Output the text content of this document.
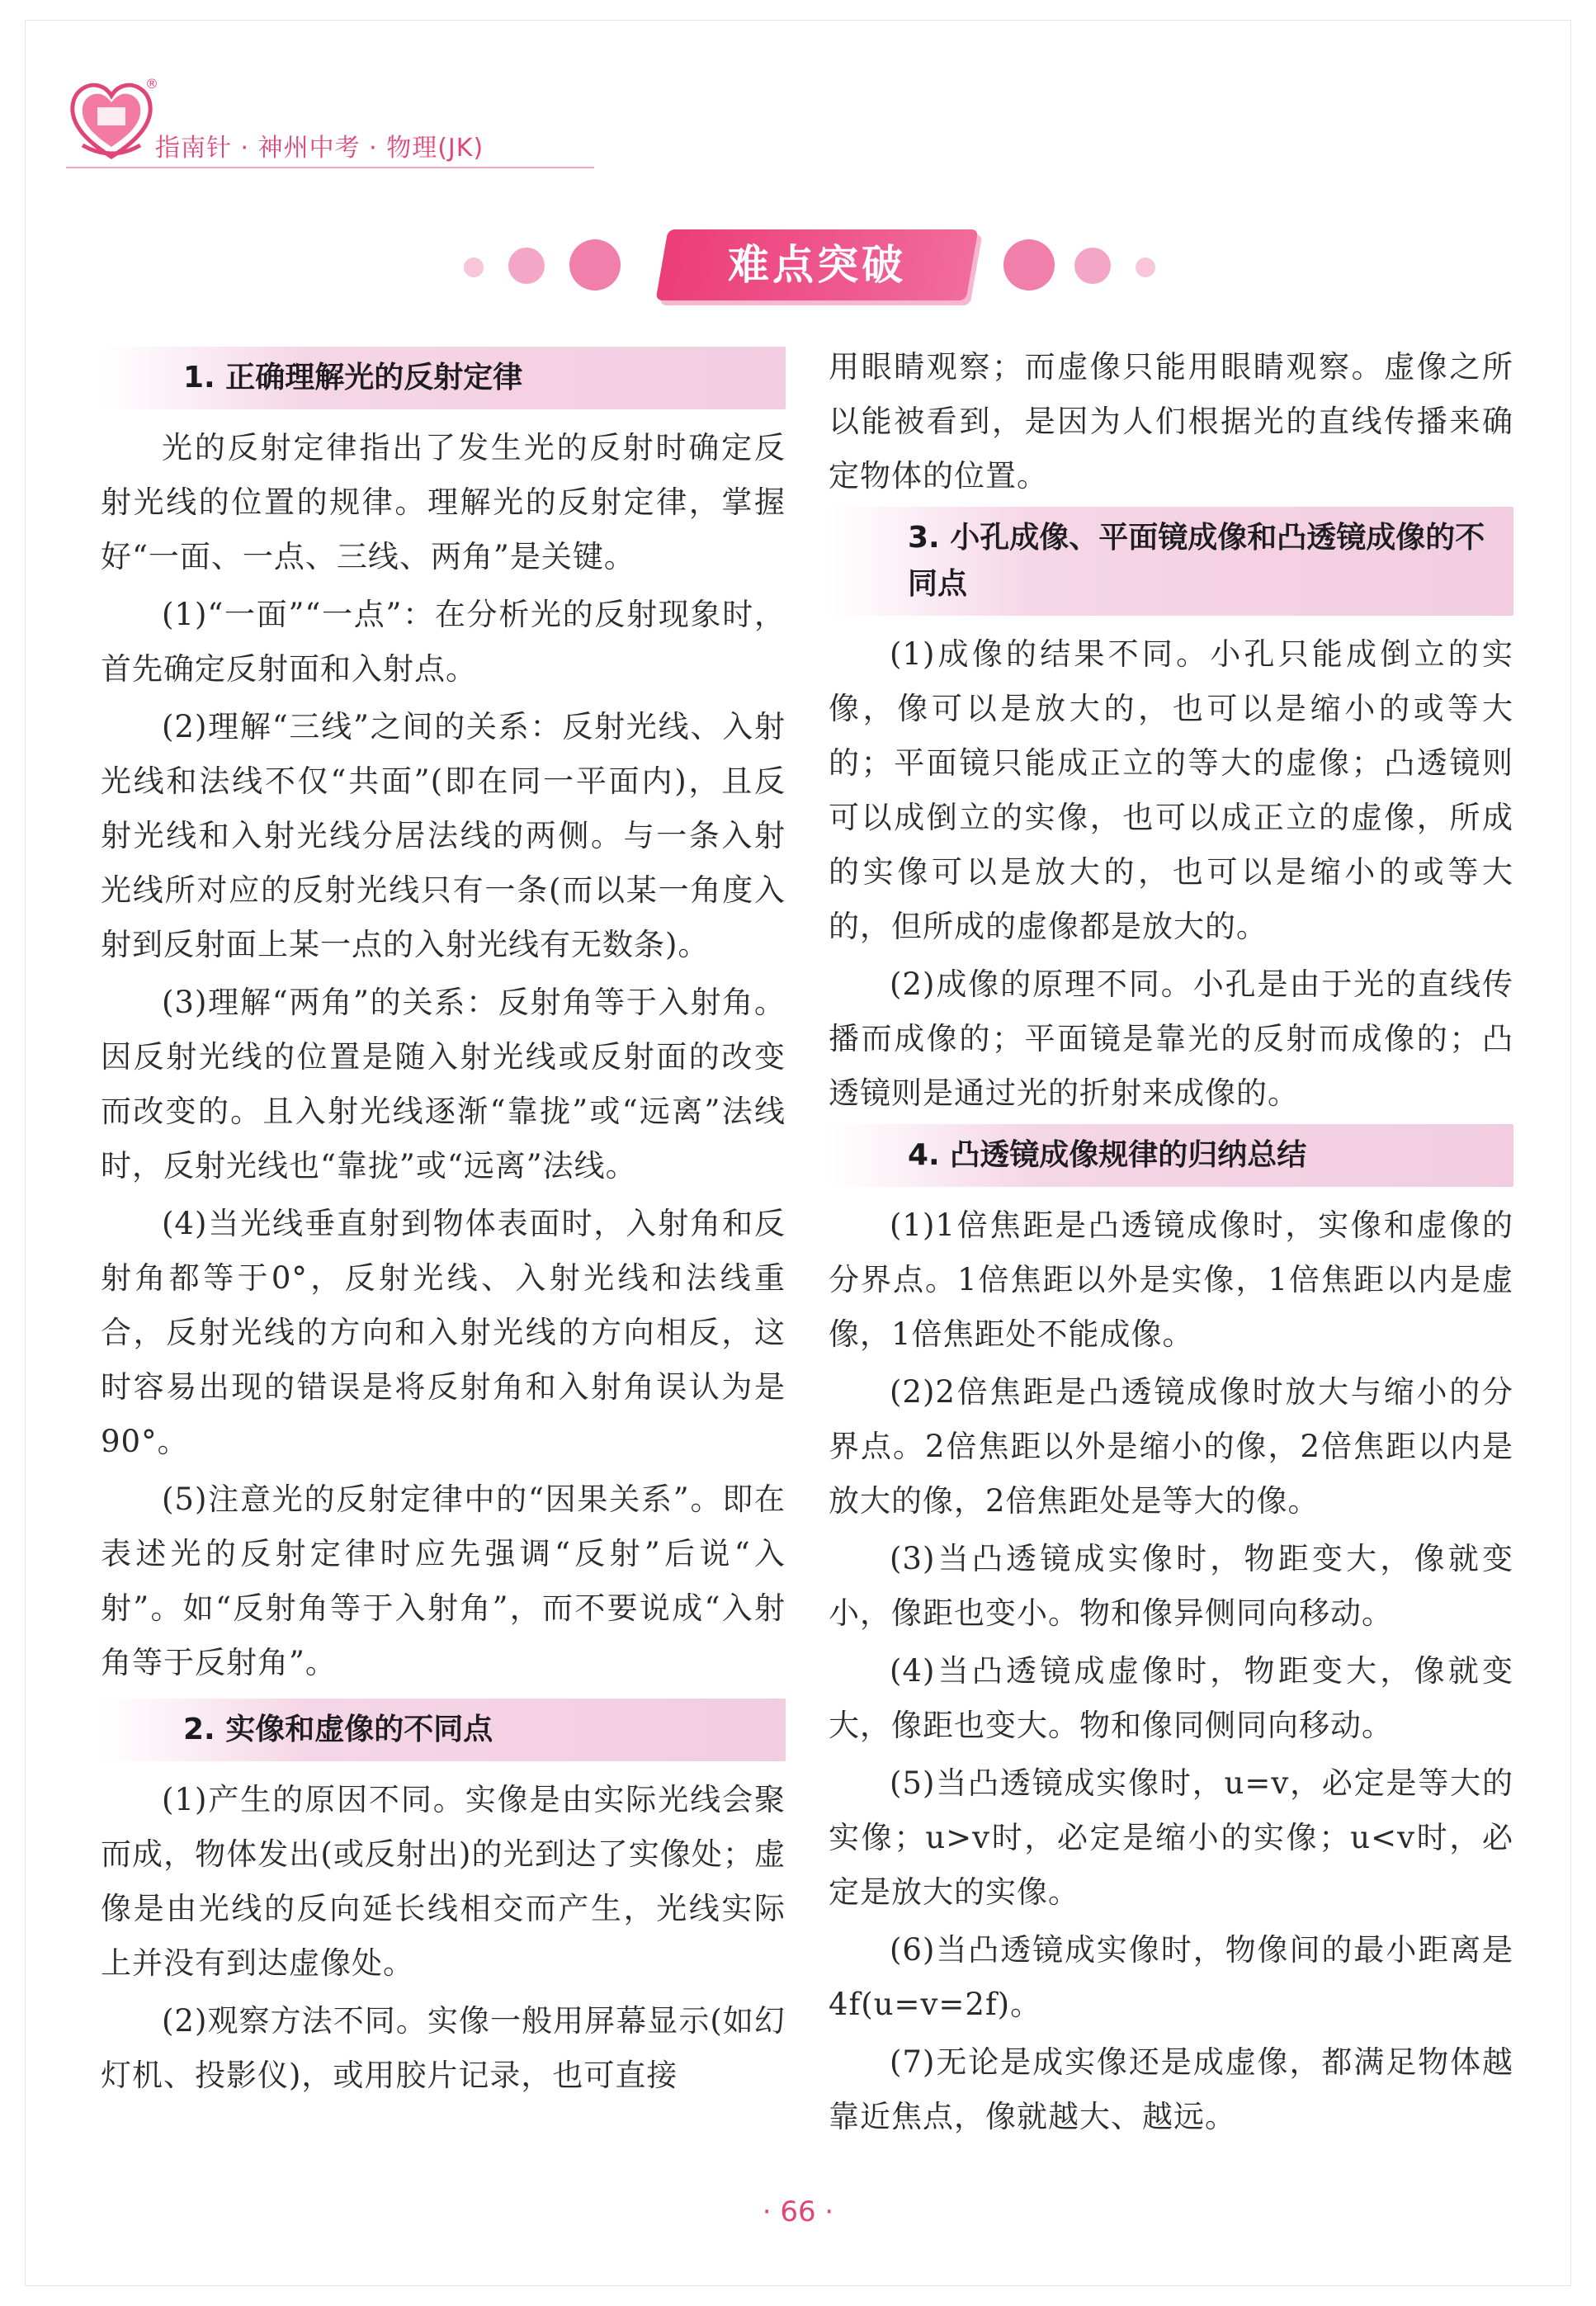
®
指南针 · 神州中考 · 物理(JK)
难点突破
1. 正确理解光的反射定律

光的反射定律指出了发生光的反射时确定反射光线的位置的规律。理解光的反射定律，掌握好“一面、一点、三线、两角”是关键。

(1)“一面”“一点”：在分析光的反射现象时，首先确定反射面和入射点。

(2)理解“三线”之间的关系：反射光线、入射光线和法线不仅“共面”(即在同一平面内)，且反射光线和入射光线分居法线的两侧。与一条入射光线所对应的反射光线只有一条(而以某一角度入射到反射面上某一点的入射光线有无数条)。

(3)理解“两角”的关系：反射角等于入射角。因反射光线的位置是随入射光线或反射面的改变而改变的。且入射光线逐渐“靠拢”或“远离”法线时，反射光线也“靠拢”或“远离”法线。

(4)当光线垂直射到物体表面时，入射角和反射角都等于0°，反射光线、入射光线和法线重合，反射光线的方向和入射光线的方向相反，这时容易出现的错误是将反射角和入射角误认为是90°。

(5)注意光的反射定律中的“因果关系”。即在表述光的反射定律时应先强调“反射”后说“入射”。如“反射角等于入射角”，而不要说成“入射角等于反射角”。

2. 实像和虚像的不同点

(1)产生的原因不同。实像是由实际光线会聚而成，物体发出(或反射出)的光到达了实像处；虚像是由光线的反向延长线相交而产生，光线实际上并没有到达虚像处。

(2)观察方法不同。实像一般用屏幕显示(如幻灯机、投影仪)，或用胶片记录，也可直接

用眼睛观察；而虚像只能用眼睛观察。虚像之所以能被看到，是因为人们根据光的直线传播来确定物体的位置。

3. 小孔成像、平面镜成像和凸透镜成像的不同点

(1)成像的结果不同。小孔只能成倒立的实像，像可以是放大的，也可以是缩小的或等大的；平面镜只能成正立的等大的虚像；凸透镜则可以成倒立的实像，也可以成正立的虚像，所成的实像可以是放大的，也可以是缩小的或等大的，但所成的虚像都是放大的。

(2)成像的原理不同。小孔是由于光的直线传播而成像的；平面镜是靠光的反射而成像的；凸透镜则是通过光的折射来成像的。

4. 凸透镜成像规律的归纳总结

(1)1倍焦距是凸透镜成像时，实像和虚像的分界点。1倍焦距以外是实像，1倍焦距以内是虚像，1倍焦距处不能成像。

(2)2倍焦距是凸透镜成像时放大与缩小的分界点。2倍焦距以外是缩小的像，2倍焦距以内是放大的像，2倍焦距处是等大的像。

(3)当凸透镜成实像时，物距变大，像就变小，像距也变小。物和像异侧同向移动。

(4)当凸透镜成虚像时，物距变大，像就变大，像距也变大。物和像同侧同向移动。

(5)当凸透镜成实像时，u=v，必定是等大的实像；u>v时，必定是缩小的实像；u<v时，必定是放大的实像。

(6)当凸透镜成实像时，物像间的最小距离是4f(u=v=2f)。

(7)无论是成实像还是成虚像，都满足物体越靠近焦点，像就越大、越远。

· 66 ·
